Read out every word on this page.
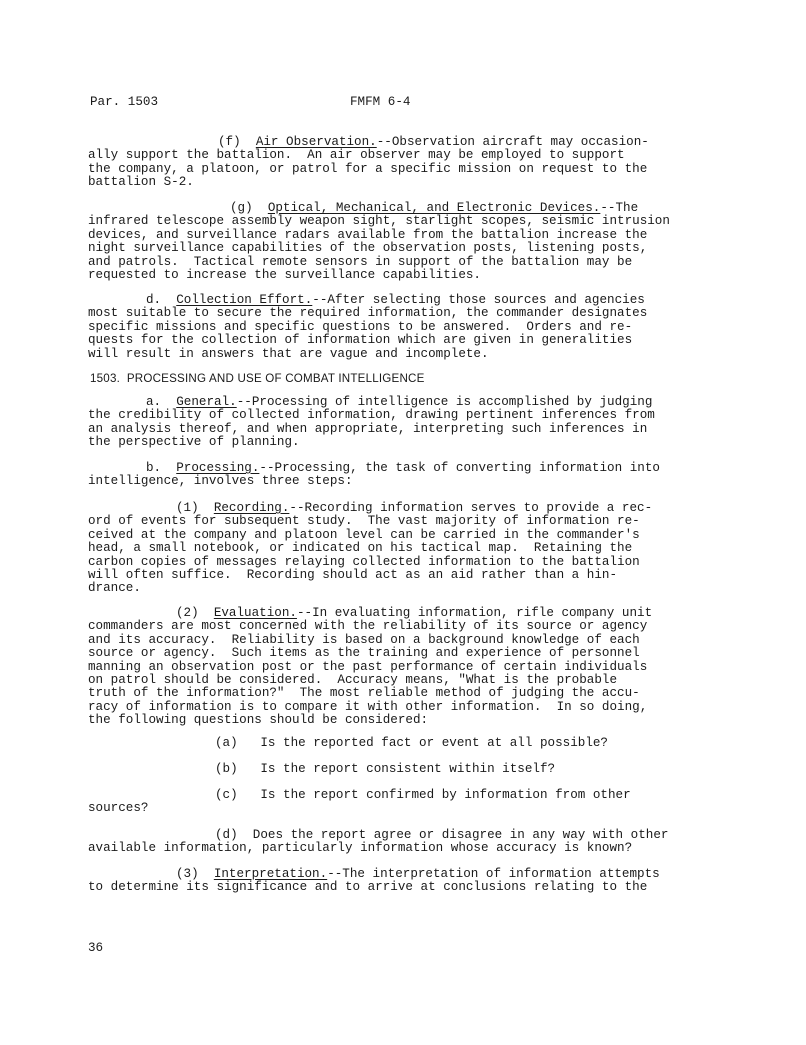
Par. 1503	FMFM 6-4
(f) Air Observation.--Observation aircraft may occasion-
ally support the battalion.  An air observer may be employed to support
the company, a platoon, or patrol for a specific mission on request to the
battalion S-2.
(g) Optical, Mechanical, and Electronic Devices.--The
infrared telescope assembly weapon sight, starlight scopes, seismic intrusion
devices, and surveillance radars available from the battalion increase the
night surveillance capabilities of the observation posts, listening posts,
and patrols.  Tactical remote sensors in support of the battalion may be
requested to increase the surveillance capabilities.
d. Collection Effort.--After selecting those sources and agencies
most suitable to secure the required information, the commander designates
specific missions and specific questions to be answered.  Orders and re-
quests for the collection of information which are given in generalities
will result in answers that are vague and incomplete.
1503. PROCESSING AND USE OF COMBAT INTELLIGENCE
a. General.--Processing of intelligence is accomplished by judging
the credibility of collected information, drawing pertinent inferences from
an analysis thereof, and when appropriate, interpreting such inferences in
the perspective of planning.
b. Processing.--Processing, the task of converting information into
intelligence, involves three steps:
(1) Recording.--Recording information serves to provide a rec-
ord of events for subsequent study.  The vast majority of information re-
ceived at the company and platoon level can be carried in the commander's
head, a small notebook, or indicated on his tactical map.  Retaining the
carbon copies of messages relaying collected information to the battalion
will often suffice.  Recording should act as an aid rather than a hin-
drance.
(2) Evaluation.--In evaluating information, rifle company unit
commanders are most concerned with the reliability of its source or agency
and its accuracy.  Reliability is based on a background knowledge of each
source or agency.  Such items as the training and experience of personnel
manning an observation post or the past performance of certain individuals
on patrol should be considered.  Accuracy means, "What is the probable
truth of the information?"  The most reliable method of judging the accu-
racy of information is to compare it with other information.  In so doing,
the following questions should be considered:
(a)   Is the reported fact or event at all possible?
(b)   Is the report consistent within itself?
(c)   Is the report confirmed by information from other
sources?
(d)  Does the report agree or disagree in any way with other
available information, particularly information whose accuracy is known?
(3) Interpretation.--The interpretation of information attempts
to determine its significance and to arrive at conclusions relating to the
36
